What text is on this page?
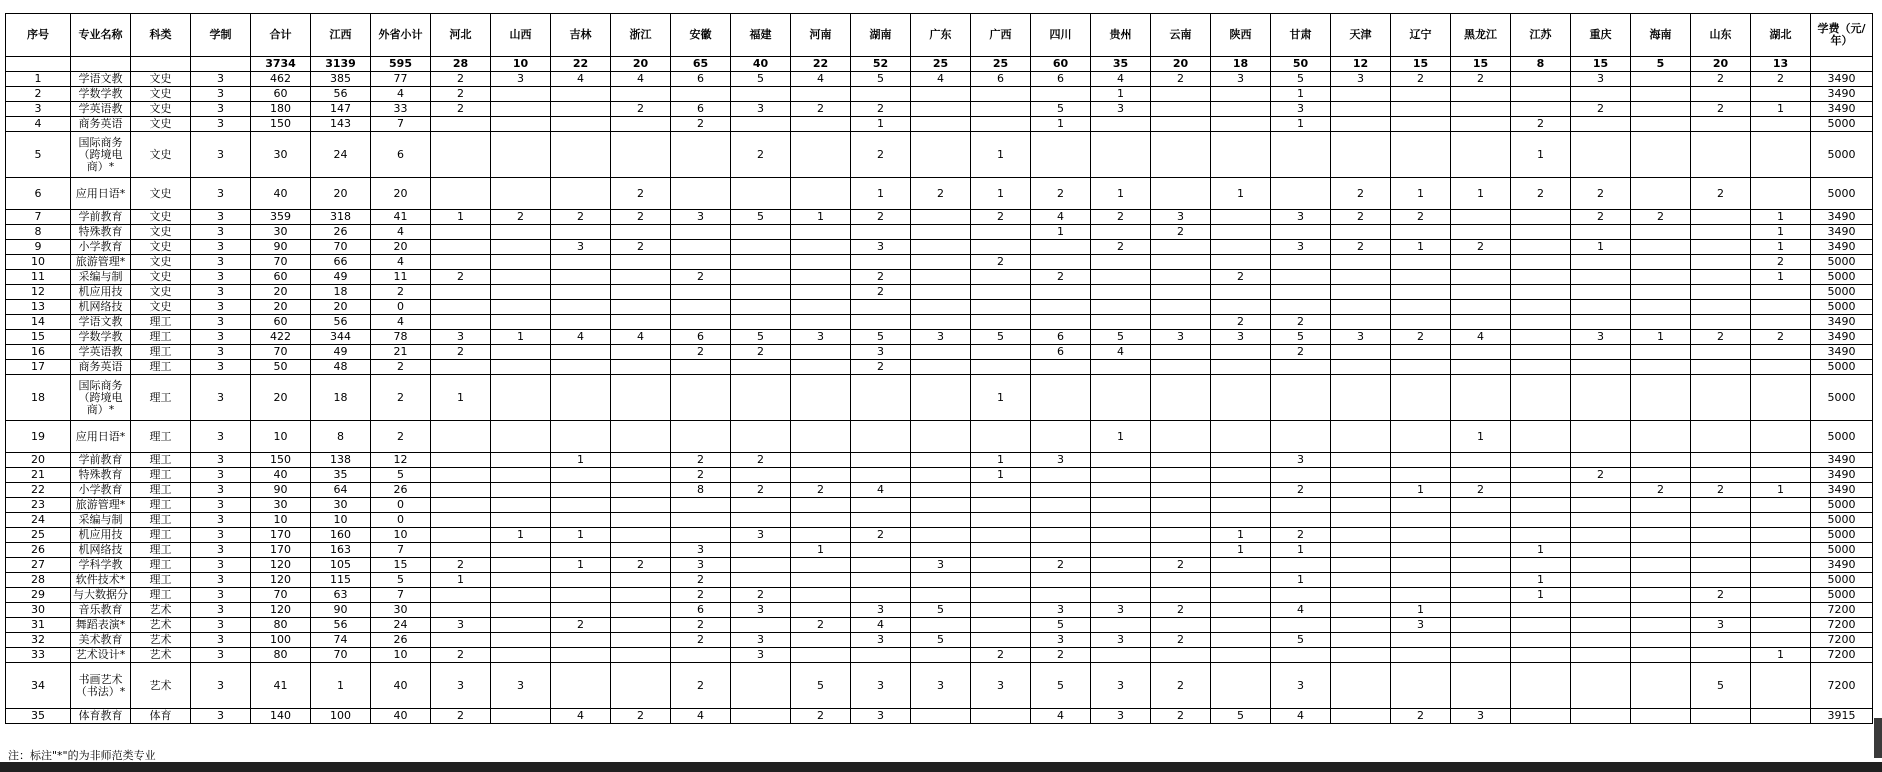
序号	专业名称	科类	学制	合计	江西	外省小计	河北	山西	吉林	浙江	安徽	福建	河南	湖南	广东	广西	四川	贵州	云南	陕西	甘肃	天津	辽宁	黑龙江	江苏	重庆	海南	山东	湖北	学费（元/年）
				3734	3139	595	28	10	22	20	65	40	22	52	25	25	60	35	20	18	50	12	15	15	8	15	5	20	13	
1	学语文教	文史	3	462	385	77	2	3	4	4	6	5	4	5	4	6	6	4	2	3	5	3	2	2		3		2	2	3490
2	学数学教	文史	3	60	56	4	2											1			1									3490
3	学英语教	文史	3	180	147	33	2			2	6	3	2	2			5	3			3					2		2	1	3490
4	商务英语	文史	3	150	143	7					2			1			1				1				2					5000
5	国际商务（跨境电商）*	文史	3	30	24	6						2		2		1									1					5000
6	应用日语*	文史	3	40	20	20				2				1	2	1	2	1		1		2	1	1	2	2		2		5000
7	学前教育	文史	3	359	318	41	1	2	2	2	3	5	1	2		2	4	2	3		3	2	2			2	2		1	3490
8	特殊教育	文史	3	30	26	4											1		2										1	3490
9	小学教育	文史	3	90	70	20			3	2				3				2			3	2	1	2		1			1	3490
10	旅游管理*	文史	3	70	66	4										2													2	5000
11	采编与制	文史	3	60	49	11	2				2			2			2			2									1	5000
12	机应用技	文史	3	20	18	2								2																5000
13	机网络技	文史	3	20	20	0																								5000
14	学语文教	理工	3	60	56	4														2	2									3490
15	学数学教	理工	3	422	344	78	3	1	4	4	6	5	3	5	3	5	6	5	3	3	5	3	2	4		3	1	2	2	3490
16	学英语教	理工	3	70	49	21	2				2	2		3			6	4			2									3490
17	商务英语	理工	3	50	48	2								2																5000
18	国际商务（跨境电商）*	理工	3	20	18	2	1									1														5000
19	应用日语*	理工	3	10	8	2												1						1						5000
20	学前教育	理工	3	150	138	12			1		2	2				1	3				3									3490
21	特殊教育	理工	3	40	35	5					2					1										2				3490
22	小学教育	理工	3	90	64	26					8	2	2	4							2		1	2			2	2	1	3490
23	旅游管理*	理工	3	30	30	0																								5000
24	采编与制	理工	3	10	10	0																								5000
25	机应用技	理工	3	170	160	10		1	1			3		2						1	2									5000
26	机网络技	理工	3	170	163	7					3		1							1	1				1					5000
27	学科学教	理工	3	120	105	15	2		1	2	3				3		2		2											3490
28	软件技术*	理工	3	120	115	5	1				2										1				1					5000
29	与大数据分	理工	3	70	63	7					2	2													1			2		5000
30	音乐教育	艺术	3	120	90	30					6	3		3	5		3	3	2		4		1							7200
31	舞蹈表演*	艺术	3	80	56	24	3		2		2		2	4			5						3					3		7200
32	美术教育	艺术	3	100	74	26					2	3		3	5		3	3	2		5									7200
33	艺术设计*	艺术	3	80	70	10	2					3				2	2												1	7200
34	书画艺术（书法）*	艺术	3	41	1	40	3	3			2		5	3	3	3	5	3	2		3							5		7200
35	体育教育	体育	3	140	100	40	2		4	2	4		2	3			4	3	2	5	4		2	3						3915
注：标注"*"的为非师范类专业
